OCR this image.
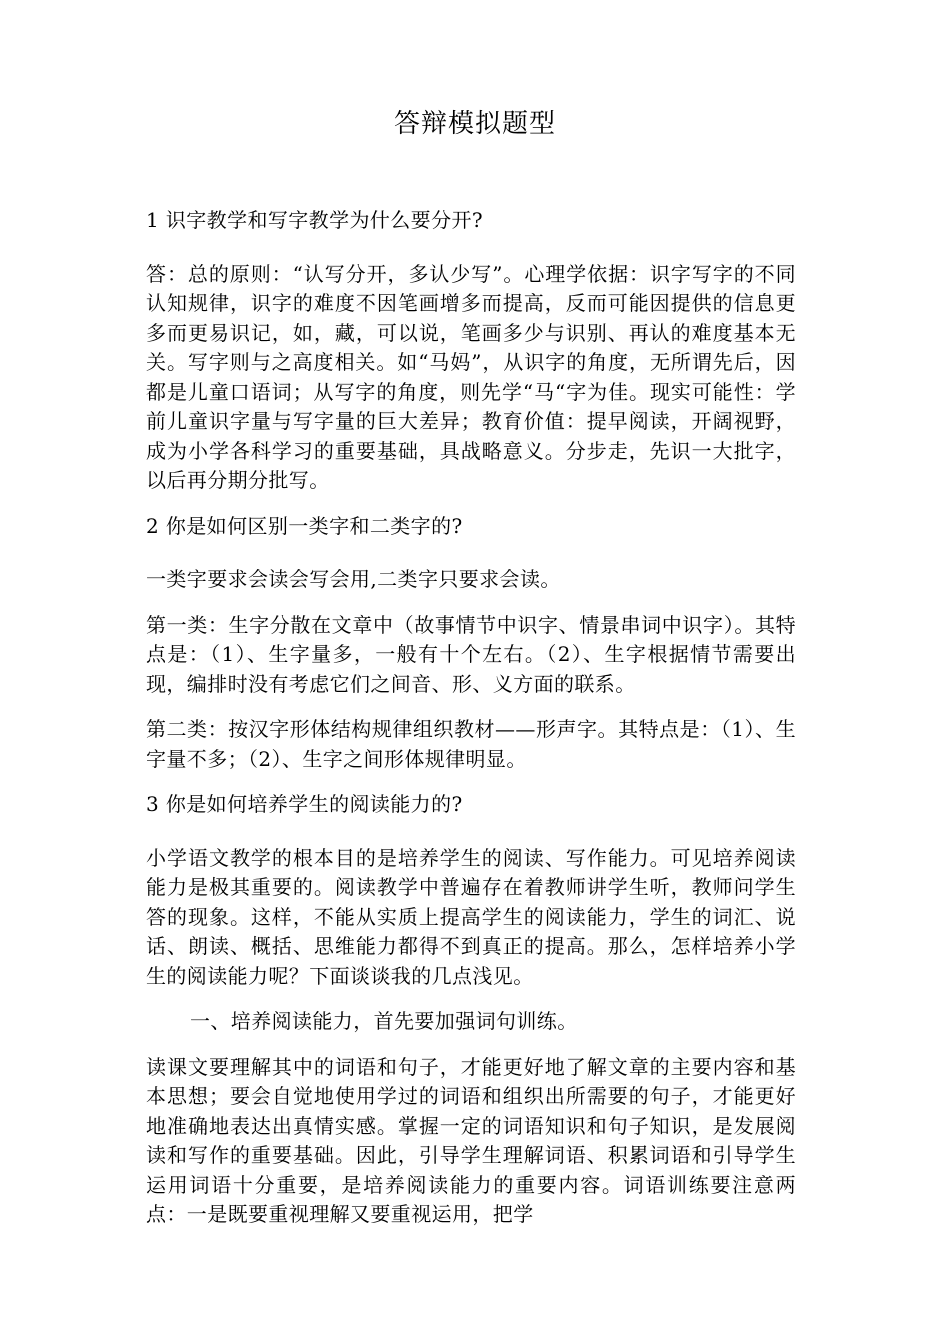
答辩模拟题型

1 识字教学和写字教学为什么要分开?

答：总的原则：“认写分开，多认少写”。心理学依据：识字写字的不同认知规律，识字的难度不因笔画增多而提高，反而可能因提供的信息更多而更易识记，如，藏，可以说，笔画多少与识别、再认的难度基本无关。写字则与之高度相关。如“马妈”，从识字的角度，无所谓先后，因都是儿童口语词；从写字的角度，则先学“马“字为佳。现实可能性：学前儿童识字量与写字量的巨大差异；教育价值：提早阅读，开阔视野，成为小学各科学习的重要基础，具战略意义。分步走，先识一大批字，以后再分期分批写。

2 你是如何区别一类字和二类字的?

一类字要求会读会写会用,二类字只要求会读。

第一类：生字分散在文章中（故事情节中识字、情景串词中识字）。其特点是：（1）、生字量多，一般有十个左右。（2）、生字根据情节需要出现，编排时没有考虑它们之间音、形、义方面的联系。

第二类：按汉字形体结构规律组织教材——形声字。其特点是：（1）、生字量不多；（2）、生字之间形体规律明显。

3 你是如何培养学生的阅读能力的?

小学语文教学的根本目的是培养学生的阅读、写作能力。可见培养阅读能力是极其重要的。阅读教学中普遍存在着教师讲学生听，教师问学生答的现象。这样，不能从实质上提高学生的阅读能力，学生的词汇、说话、朗读、概括、思维能力都得不到真正的提高。那么，怎样培养小学生的阅读能力呢？下面谈谈我的几点浅见。

一、培养阅读能力，首先要加强词句训练。

读课文要理解其中的词语和句子，才能更好地了解文章的主要内容和基本思想；要会自觉地使用学过的词语和组织出所需要的句子，才能更好地准确地表达出真情实感。掌握一定的词语知识和句子知识，是发展阅读和写作的重要基础。因此，引导学生理解词语、积累词语和引导学生运用词语十分重要，是培养阅读能力的重要内容。词语训练要注意两点：一是既要重视理解又要重视运用，把学
